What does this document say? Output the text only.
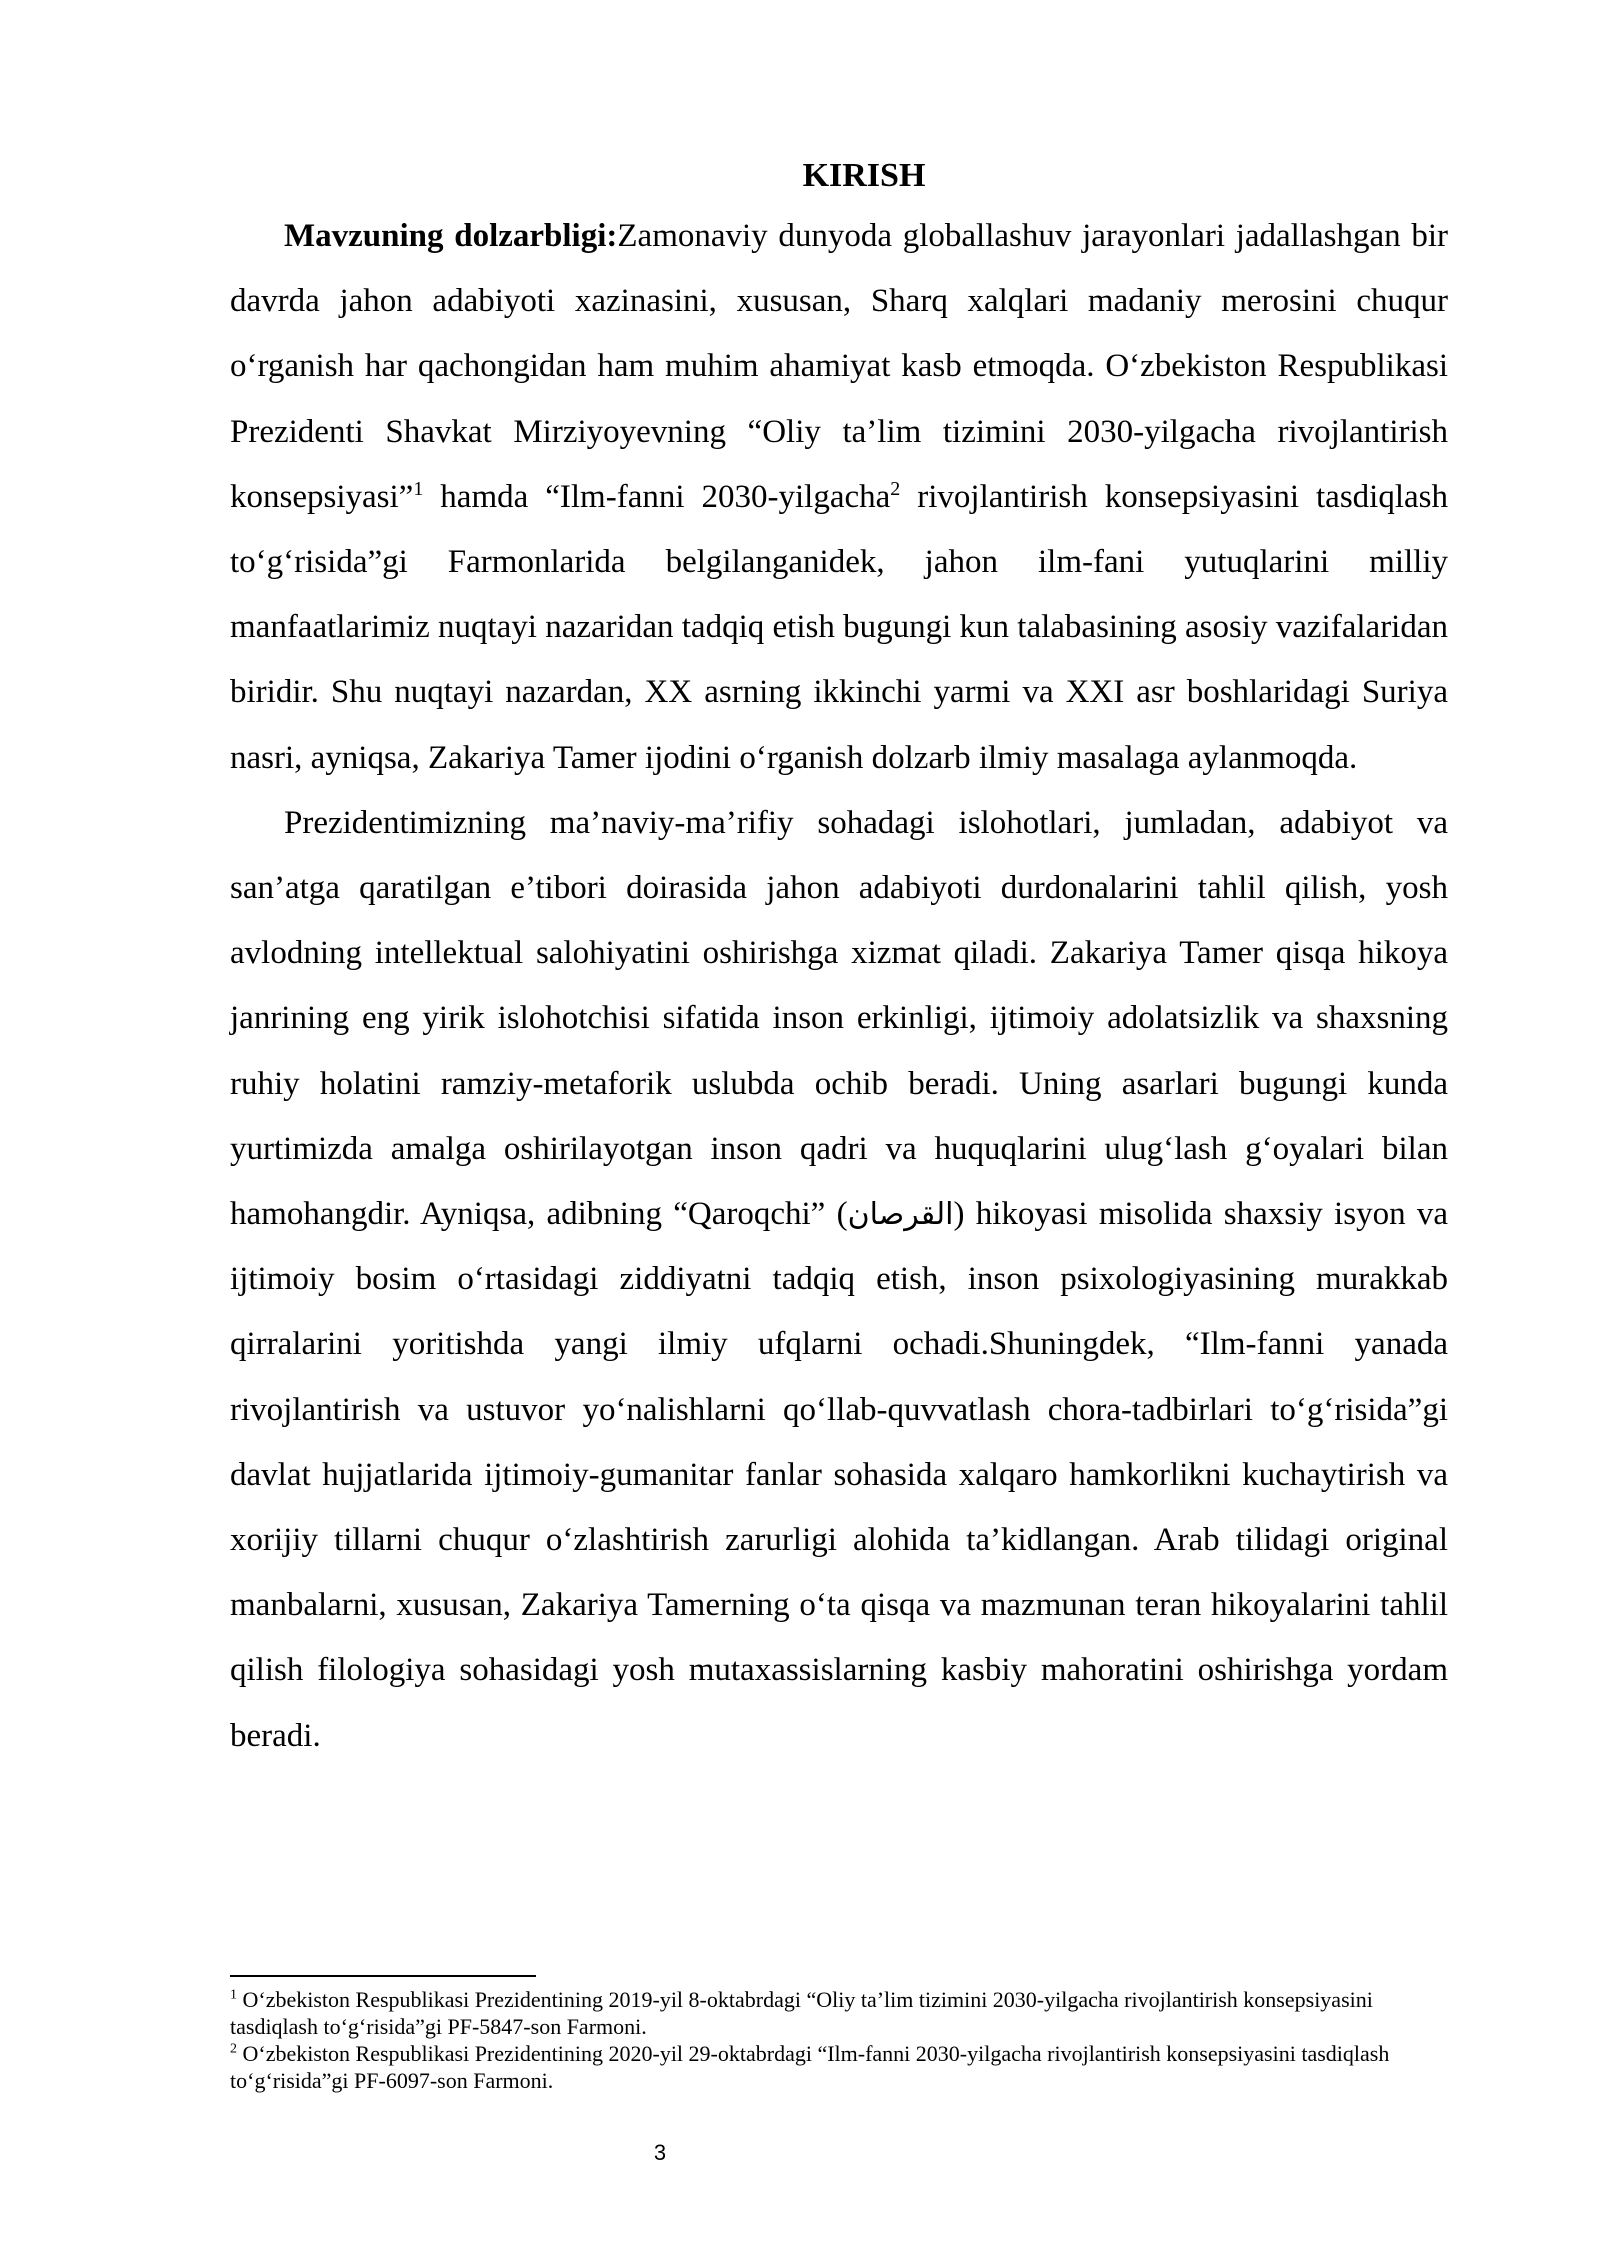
KIRISH

Mavzuning dolzarbligi:Zamonaviy dunyoda globallashuv jarayonlari jadallashgan bir davrda jahon adabiyoti xazinasini, xususan, Sharq xalqlari madaniy merosini chuqur o‘rganish har qachongidan ham muhim ahamiyat kasb etmoqda. O‘zbekiston Respublikasi Prezidenti Shavkat Mirziyoyevning “Oliy ta’lim tizimini 2030-yilgacha rivojlantirish konsepsiyasi”$^1$ hamda “Ilm-fanni 2030-yilgacha$^2$ rivojlantirish konsepsiyasini tasdiqlash to‘g‘risida”gi Farmonlarida belgilanganidek, jahon ilm-fani yutuqlarini milliy manfaatlarimiz nuqtayi nazaridan tadqiq etish bugungi kun talabasining asosiy vazifalaridan biridir. Shu nuqtayi nazardan, XX asrning ikkinchi yarmi va XXI asr boshlaridagi Suriya nasri, ayniqsa, Zakariya Tamer ijodini o‘rganish dolzarb ilmiy masalaga aylanmoqda.

Prezidentimizning ma’naviy-ma’rifiy sohadagi islohotlari, jumladan, adabiyot va san’atga qaratilgan e’tibori doirasida jahon adabiyoti durdonalarini tahlil qilish, yosh avlodning intellektual salohiyatini oshirishga xizmat qiladi. Zakariya Tamer qisqa hikoya janrining eng yirik islohotchisi sifatida inson erkinligi, ijtimoiy adolatsizlik va shaxsning ruhiy holatini ramziy-metaforik uslubda ochib beradi. Uning asarlari bugungi kunda yurtimizda amalga oshirilayotgan inson qadri va huquqlarini ulug‘lash g‘oyalari bilan hamohangdir. Ayniqsa, adibning “Qaroqchi” (القرصان) hikoyasi misolida shaxsiy isyon va ijtimoiy bosim o‘rtasidagi ziddiyatni tadqiq etish, inson psixologiyasining murakkab qirralarini yoritishda yangi ilmiy ufqlarni ochadi.Shuningdek, “Ilm-fanni yanada rivojlantirish va ustuvor yo‘nalishlarni qo‘llab-quvvatlash chora-tadbirlari to‘g‘risida”gi davlat hujjatlarida ijtimoiy-gumanitar fanlar sohasida xalqaro hamkorlikni kuchaytirish va xorijiy tillarni chuqur o‘zlashtirish zarurligi alohida ta’kidlangan. Arab tilidagi original manbalarni, xususan, Zakariya Tamerning o‘ta qisqa va mazmunan teran hikoyalarini tahlil qilish filologiya sohasidagi yosh mutaxassislarning kasbiy mahoratini oshirishga yordam beradi.

$^1$ O‘zbekiston Respublikasi Prezidentining 2019-yil 8-oktabrdagi “Oliy ta’lim tizimini 2030-yilgacha rivojlantirish konsepsiyasini tasdiqlash to‘g‘risida”gi PF-5847-son Farmoni.

$^2$ O‘zbekiston Respublikasi Prezidentining 2020-yil 29-oktabrdagi “Ilm-fanni 2030-yilgacha rivojlantirish konsepsiyasini tasdiqlash to‘g‘risida”gi PF-6097-son Farmoni.

3
